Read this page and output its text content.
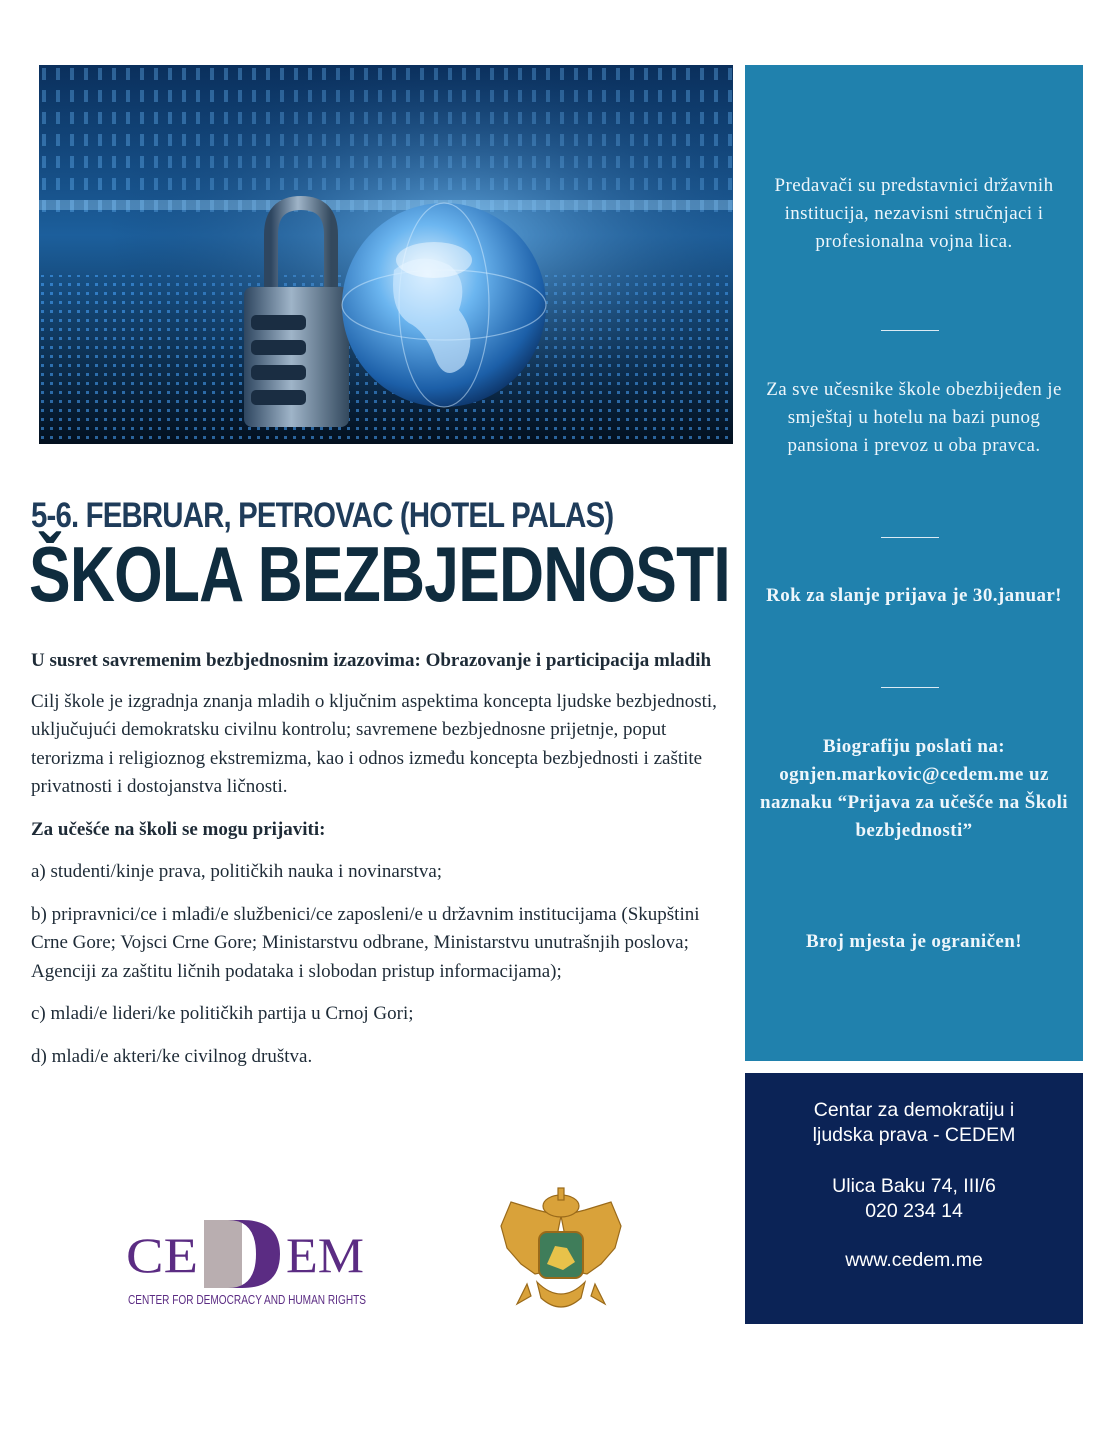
5-6. FEBRUAR, PETROVAC (HOTEL PALAS)
ŠKOLA BEZBJEDNOSTI

U susret savremenim bezbjednosnim izazovima: Obrazovanje i participacija mladih

Cilj škole je izgradnja znanja mladih o ključnim aspektima koncepta ljudske bezbjednosti, uključujući demokratsku civilnu kontrolu; savremene bezbjednosne prijetnje, poput terorizma i religioznog ekstremizma, kao i odnos između koncepta bezbjednosti i zaštite privatnosti i dostojanstva ličnosti.

Za učešće na školi se mogu prijaviti:

a) studenti/kinje prava, političkih nauka i novinarstva;

b) pripravnici/ce i mlađi/e službenici/ce zaposleni/e u državnim institucijama (Skupštini Crne Gore; Vojsci Crne Gore; Ministarstvu odbrane, Ministarstvu unutrašnjih poslova; Agenciji za zaštitu ličnih podataka i slobodan pristup informacijama);

c) mladi/e lideri/ke političkih partija u Crnoj Gori;

d) mladi/e akteri/ke civilnog društva.

Predavači su predstavnici državnih institucija, nezavisni stručnjaci i profesionalna vojna lica.

Za sve učesnike škole obezbijeđen je smještaj u hotelu na bazi punog pansiona i prevoz u oba pravca.

Rok za slanje prijava je 30.januar!

Biografiju poslati na:
ognjen.markovic@cedem.me uz naznaku “Prijava za učešće na Školi bezbjednosti”

Broj mjesta je ograničen!

Centar za demokratiju i ljudska prava - CEDEM

Ulica Baku 74, III/6

020 234 14

www.cedem.me

CE EM
CENTER FOR DEMOCRACY AND HUMAN RIGHTS
